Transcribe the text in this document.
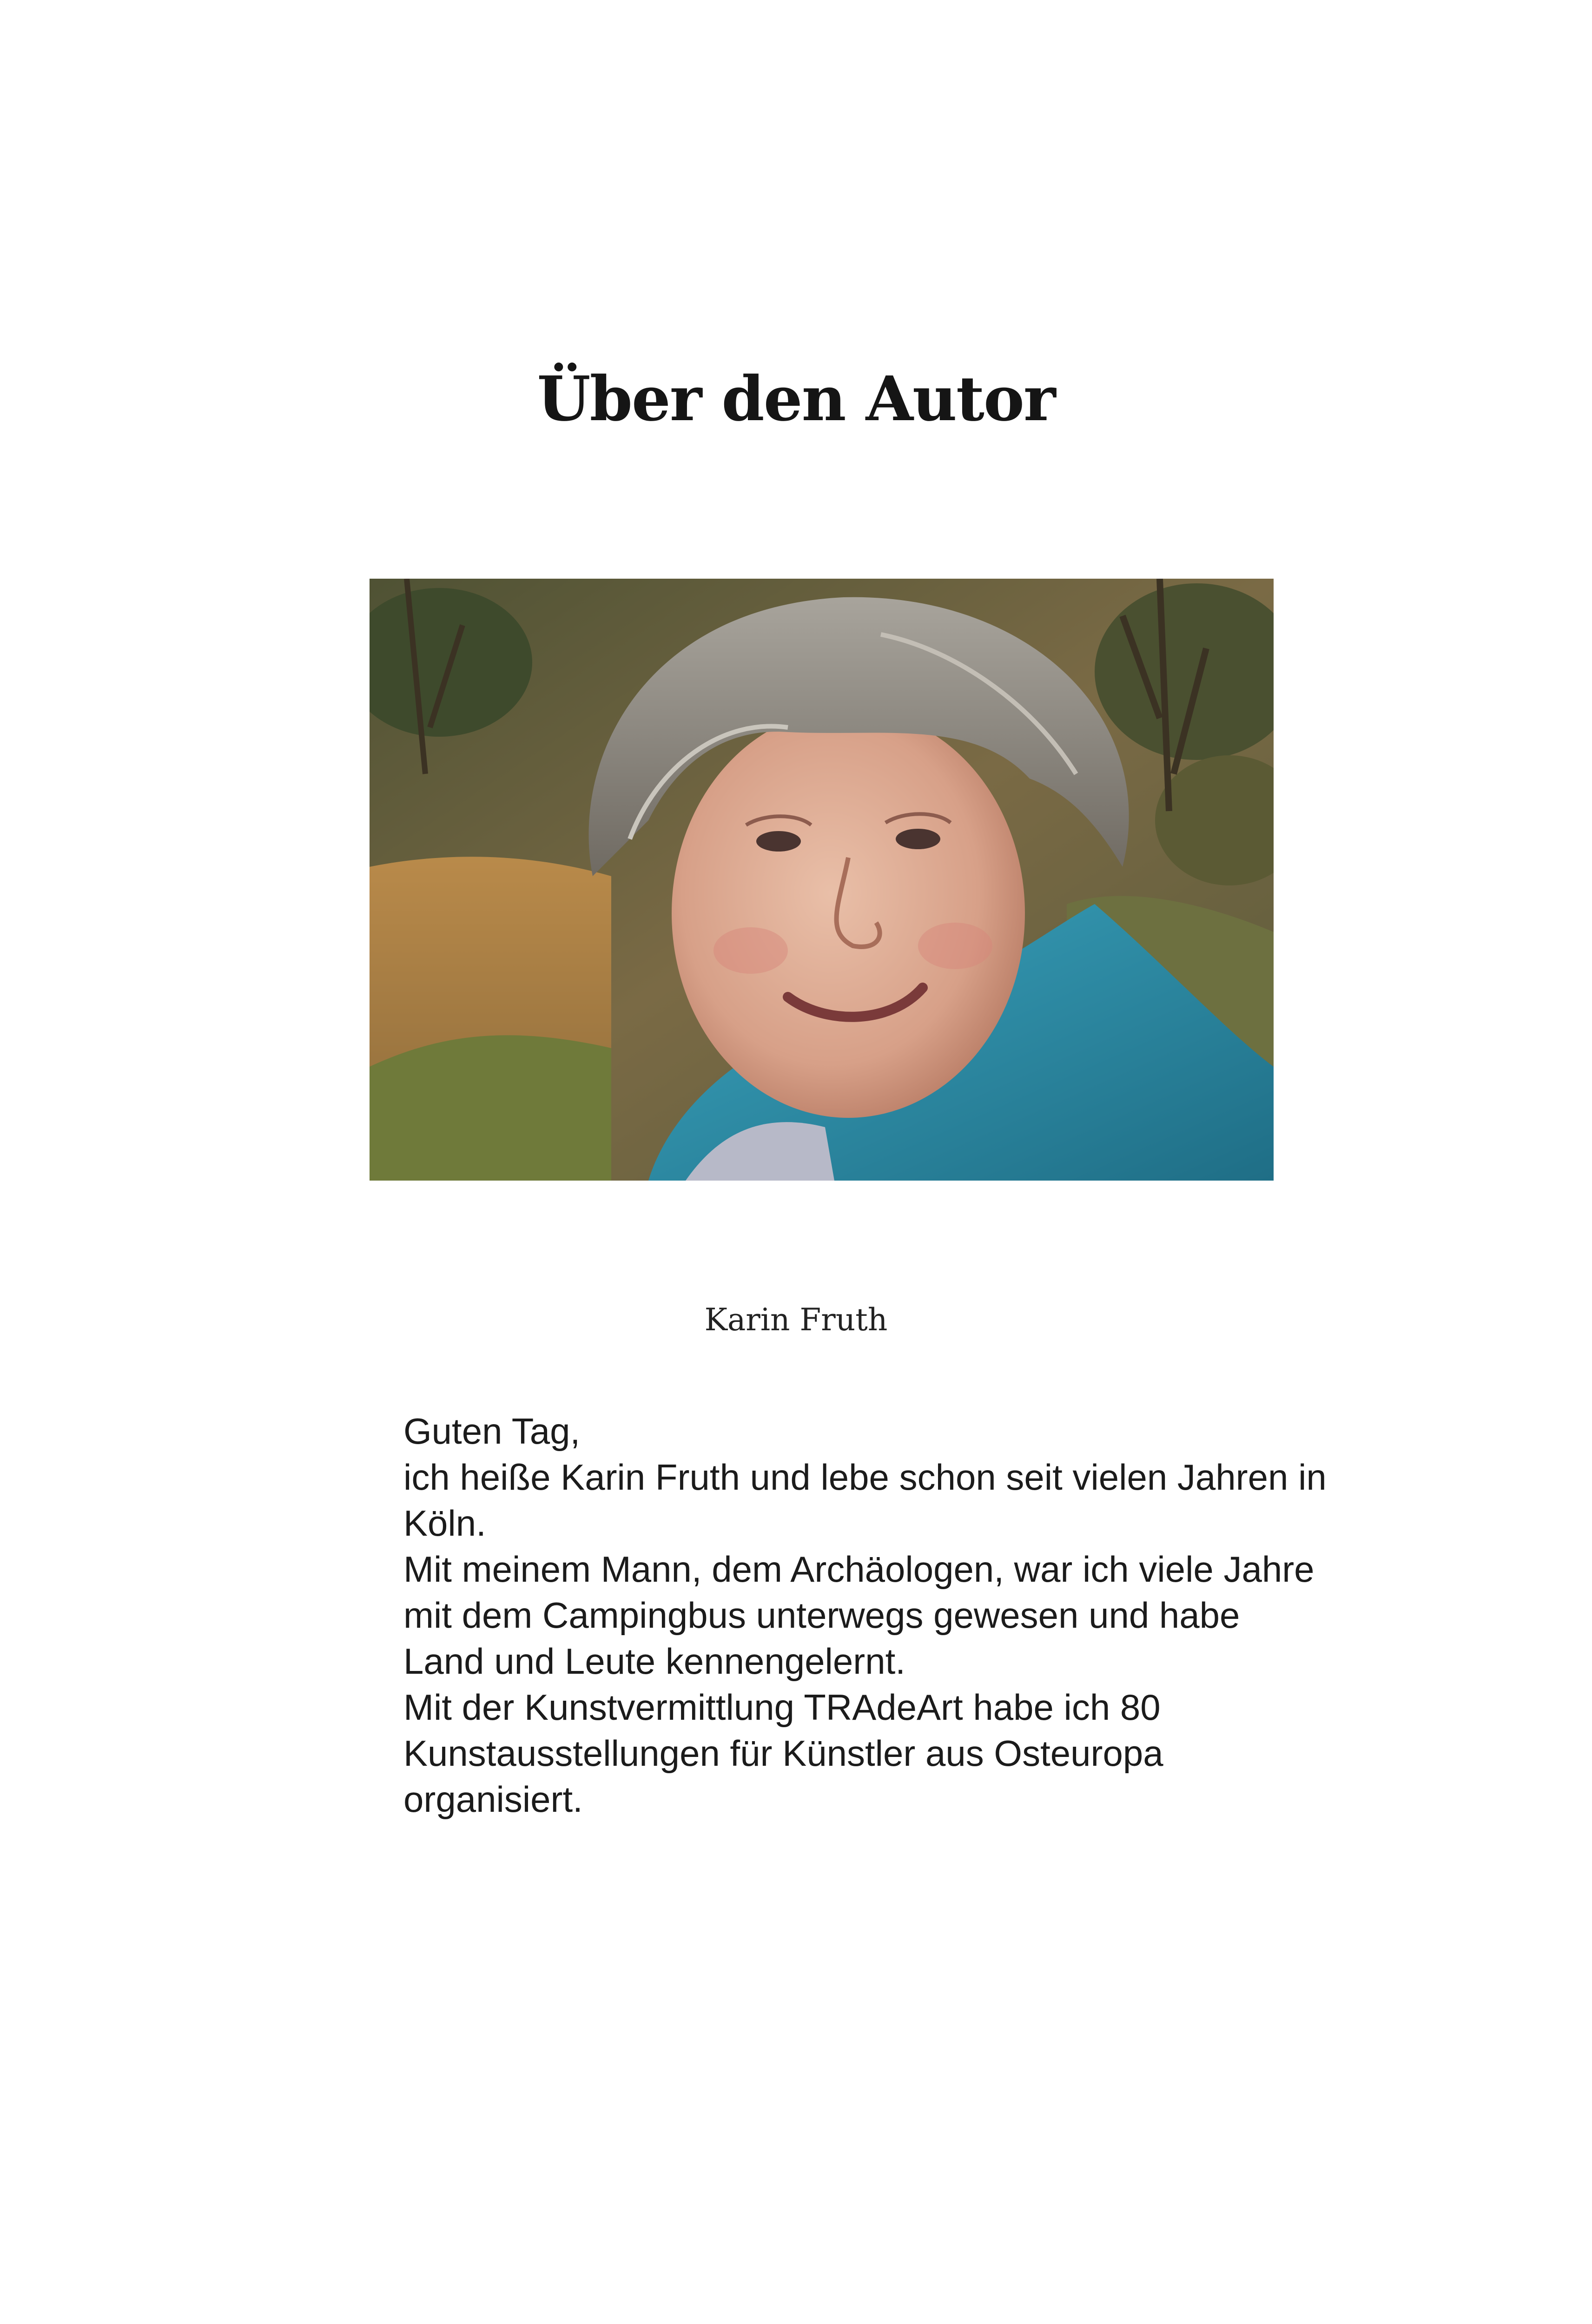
Über den Autor

Karin Fruth

Guten Tag,
ich heiße Karin Fruth und lebe schon seit vielen Jahren in
Köln.
Mit meinem Mann, dem Archäologen, war ich viele Jahre
mit dem Campingbus unterwegs gewesen und habe
Land und Leute kennengelernt.
Mit der Kunstvermittlung TRAdeArt habe ich 80
Kunstausstellungen für Künstler aus Osteuropa
organisiert.
